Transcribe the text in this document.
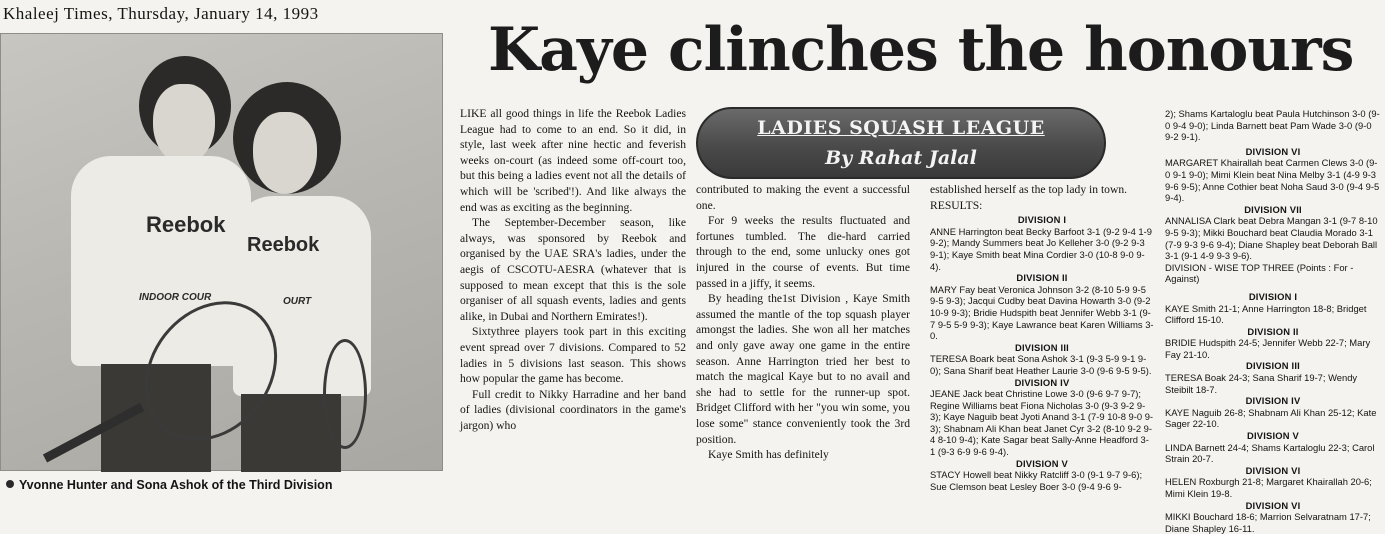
Khaleej Times, Thursday, January 14, 1993
Reebok
INDOOR COUR
Reebok
OURT
Yvonne Hunter and Sona Ashok of the Third Division
Kaye clinches the honours
LADIES SQUASH LEAGUE
By Rahat Jalal

LIKE all good things in life the Reebok Ladies League had to come to an end. So it did, in style, last week after nine hectic and feverish weeks on-court (as indeed some off-court too, but this being a ladies event not all the details of which will be 'scribed'!). And like always the end was as exciting as the beginning.

The September-December season, like always, was sponsored by Reebok and organised by the UAE SRA's ladies, under the aegis of CSCOTU-AESRA (whatever that is supposed to mean except that this is the sole organiser of all squash events, ladies and gents alike, in Dubai and Northern Emirates!).

Sixtythree players took part in this exciting event spread over 7 divisions. Compared to 52 ladies in 5 divisions last season. This shows how popular the game has become.

Full credit to Nikky Harradine and her band of ladies (divisional coordinators in the game's jargon) who

contributed to making the event a successful one.

For 9 weeks the results fluctuated and fortunes tumbled. The die-hard carried through to the end, some unlucky ones got injured in the course of events. But time passed in a jiffy, it seems.

By heading the1st Division , Kaye Smith assumed the mantle of the top squash player amongst the ladies. She won all her matches and only gave away one game in the entire season. Anne Harrington tried her best to match the magical Kaye but to no avail and she had to settle for the runner-up spot. Bridget Clifford with her "you win some, you lose some" stance conveniently took the 3rd position.

Kaye Smith has definitely

established herself as the top lady in town.
RESULTS:
DIVISION I
ANNE Harrington beat Becky Barfoot 3-1 (9-2 9-4 1-9 9-2); Mandy Summers beat Jo Kelleher 3-0 (9-2 9-3 9-1); Kaye Smith beat Mina Cordier 3-0 (10-8 9-0 9-4).
DIVISION II
MARY Fay beat Veronica Johnson 3-2 (8-10 5-9 9-5 9-5 9-3); Jacqui Cudby beat Davina Howarth 3-0 (9-2 10-9 9-3); Bridie Hudspith beat Jennifer Webb 3-1 (9-7 9-5 5-9 9-3); Kaye Lawrance beat Karen Williams 3-0.
DIVISION III
TERESA Boark beat Sona Ashok 3-1 (9-3 5-9 9-1 9-0); Sana Sharif beat Heather Laurie 3-0 (9-6 9-5 9-5).
DIVISION IV
JEANE Jack beat Christine Lowe 3-0 (9-6 9-7 9-7); Regine Williams beat Fiona Nicholas 3-0 (9-3 9-2 9-3); Kaye Naguib beat Jyoti Anand 3-1 (7-9 10-8 9-0 9-3); Shabnam Ali Khan beat Janet Cyr 3-2 (8-10 9-2 9-4 8-10 9-4); Kate Sagar beat Sally-Anne Headford 3-1 (9-3 6-9 9-6 9-4).
DIVISION V
STACY Howell beat Nikky Ratcliff 3-0 (9-1 9-7 9-6); Sue Clemson beat Lesley Boer 3-0 (9-4 9-6 9-
2); Shams Kartaloglu beat Paula Hutchinson 3-0 (9-0 9-4 9-0); Linda Barnett beat Pam Wade 3-0 (9-0 9-2 9-1).
DIVISION VI
MARGARET Khairallah beat Carmen Clews 3-0 (9-0 9-1 9-0); Mimi Klein beat Nina Melby 3-1 (4-9 9-3 9-6 9-5); Anne Cothier beat Noha Saud 3-0 (9-4 9-5 9-4).
DIVISION VII
ANNALISA Clark beat Debra Mangan 3-1 (9-7 8-10 9-5 9-3); Mikki Bouchard beat Claudia Morado 3-1 (7-9 9-3 9-6 9-4); Diane Shapley beat Deborah Ball 3-1 (9-1 4-9 9-3 9-6).
DIVISION - WISE TOP THREE (Points : For - Against)
DIVISION I
KAYE Smith 21-1; Anne Harrington 18-8; Bridget Clifford 15-10.
DIVISION II
BRIDIE Hudspith 24-5; Jennifer Webb 22-7; Mary Fay 21-10.
DIVISION III
TERESA Boak 24-3; Sana Sharif 19-7; Wendy Steibilt 18-7.
DIVISION IV
KAYE Naguib 26-8; Shabnam Ali Khan 25-12; Kate Sager 22-10.
DIVISION V
LINDA Barnett 24-4; Shams Kartaloglu 22-3; Carol Strain 20-7.
DIVISION VI
HELEN Roxburgh 21-8; Margaret Khairallah 20-6; Mimi Klein 19-8.
DIVISION VI
MIKKI Bouchard 18-6; Marrion Selvaratnam 17-7; Diane Shapley 16-11.
